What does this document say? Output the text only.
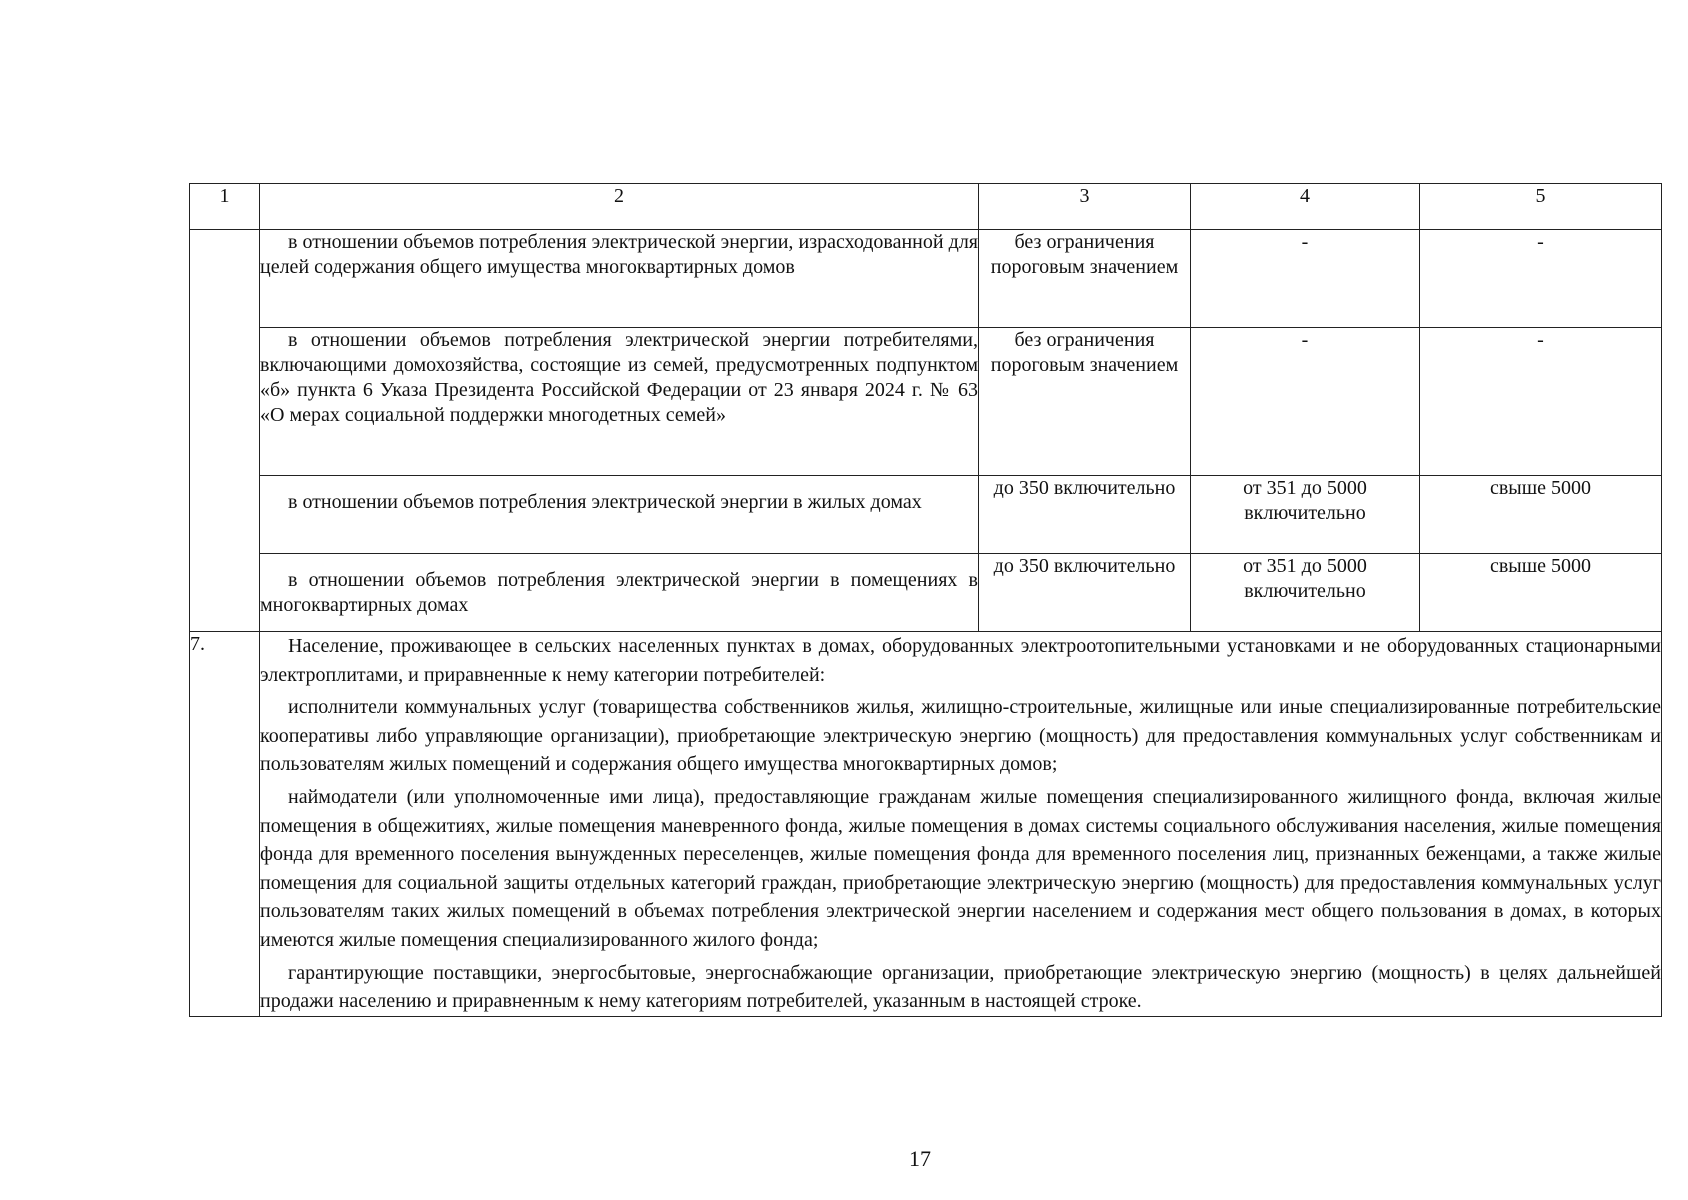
1	2	3	4	5

	в отношении объемов потребления электрической энергии, израсходованной для целей содержания общего имущества многоквартирных домов	без ограничения пороговым значением	-	-

	в отношении объемов потребления электрической энергии потребителями, включающими домохозяйства, состоящие из семей, предусмотренных подпунктом «б» пункта 6 Указа Президента Российской Федерации от 23 января 2024 г. № 63 «О мерах социальной поддержки многодетных семей»	без ограничения пороговым значением	-	-

	в отношении объемов потребления электрической энергии в жилых домах	до 350 включительно	от 351 до 5000 включительно	свыше 5000

	в отношении объемов потребления электрической энергии в помещениях в многоквартирных домах	до 350 включительно	от 351 до 5000 включительно	свыше 5000
7.	Население, проживающее в сельских населенных пунктах в домах, оборудованных электроотопительными установками и не оборудованных стационарными электроплитами, и приравненные к нему категории потребителей:

исполнители коммунальных услуг (товарищества собственников жилья, жилищно-строительные, жилищные или иные специализированные потребительские кооперативы либо управляющие организации), приобретающие электрическую энергию (мощность) для предоставления коммунальных услуг собственникам и пользователям жилых помещений и содержания общего имущества многоквартирных домов;

наймодатели (или уполномоченные ими лица), предоставляющие гражданам жилые помещения специализированного жилищного фонда, включая жилые помещения в общежитиях, жилые помещения маневренного фонда, жилые помещения в домах системы социального обслуживания населения, жилые помещения фонда для временного поселения вынужденных переселенцев, жилые помещения фонда для временного поселения лиц, признанных беженцами, а также жилые помещения для социальной защиты отдельных категорий граждан, приобретающие электрическую энергию (мощность) для предоставления коммунальных услуг пользователям таких жилых помещений в объемах потребления электрической энергии населением и содержания мест общего пользования в домах, в которых имеются жилые помещения специализированного жилого фонда;

гарантирующие поставщики, энергосбытовые, энергоснабжающие организации, приобретающие электрическую энергию (мощность) в целях дальнейшей продажи населению и приравненным к нему категориям потребителей, указанным в настоящей строке.			

17
